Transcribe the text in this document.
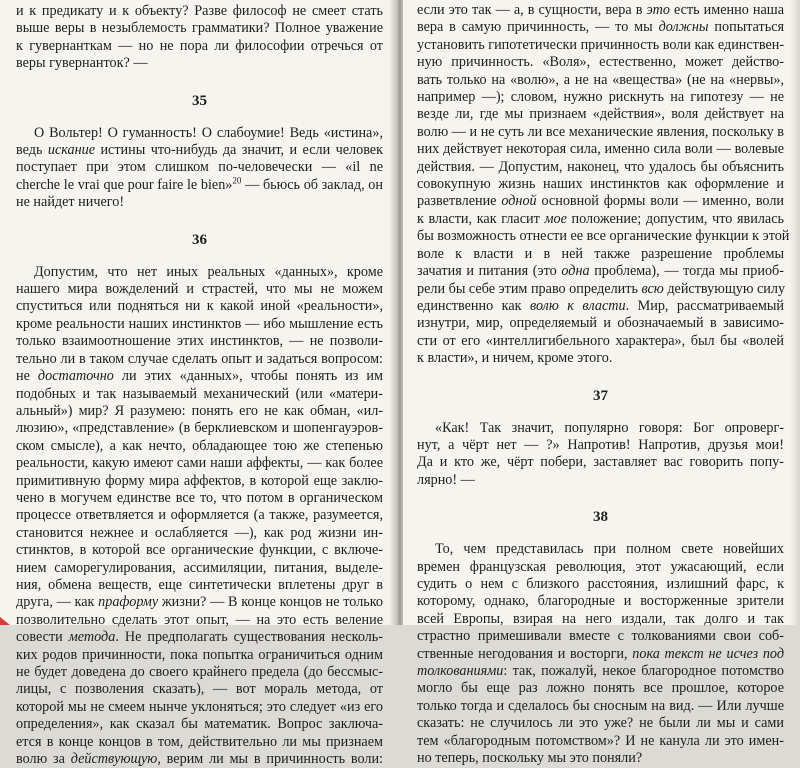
и к предикату и к объекту? Разве философ не смеет стать

выше веры в незыблемость грамматики? Полное уважение

к гувернанткам — но не пора ли философии отречься от

веры гувернанток? —

35

О Вольтер! О гуманность! О слабоумие! Ведь «истина»,

ведь искание истины что-нибудь да значит, и если человек

поступает при этом слишком по-человечески — «il ne

cherche le vrai que pour faire le bien»$^{20}$ — бьюсь об заклад, он

не найдет ничего!

36

Допустим, что нет иных реальных «данных», кроме

нашего мира вожделений и страстей, что мы не можем

спуститься или подняться ни к какой иной «реальности»,

кроме реальности наших инстинктов — ибо мышление есть

только взаимоотношение этих инстинктов, — не позволи-

тельно ли в таком случае сделать опыт и задаться вопросом:

не достаточно ли этих «данных», чтобы понять из им

подобных и так называемый механический (или «матери-

альный») мир? Я разумею: понять его не как обман, «ил-

люзию», «представление» (в берклиевском и шопенгауэров-

ском смысле), а как нечто, обладающее тою же степенью

реальности, какую имеют сами наши аффекты, — как более

примитивную форму мира аффектов, в которой еще заклю-

чено в могучем единстве все то, что потом в органическом

процессе ответвляется и оформляется (а также, разумеется,

становится нежнее и ослабляется —), как род жизни ин-

стинктов, в которой все органические функции, с включе-

нием саморегулирования, ассимиляции, питания, выделе-

ния, обмена веществ, еще синтетически вплетены друг в

друга, — как праформу жизни? — В конце концов не только

позволительно сделать этот опыт, — на это есть веление

совести метода. Не предполагать существования несколь-

ких родов причинности, пока попытка ограничиться одним

не будет доведена до своего крайнего предела (до бессмыс-

лицы, с позволения сказать), — вот мораль метода, от

которой мы не смеем нынче уклоняться; это следует «из его

определения», как сказал бы математик. Вопрос заключа-

ется в конце концов в том, действительно ли мы признаем

волю за действующую, верим ли мы в причинность воли:

если это так — а, в сущности, вера в это есть именно наша

вера в самую причинность, — то мы должны попытаться

установить гипотетически причинность воли как единствен-

ную причинность. «Воля», естественно, может действо-

вать только на «волю», а не на «вещества» (не на «нервы»,

например —); словом, нужно рискнуть на гипотезу — не

везде ли, где мы признаем «действия», воля действует на

волю — и не суть ли все механические явления, поскольку в

них действует некоторая сила, именно сила воли — волевые

действия. — Допустим, наконец, что удалось бы объяснить

совокупную жизнь наших инстинктов как оформление и

разветвление одной основной формы воли — именно, воли

к власти, как гласит мое положение; допустим, что явилась

бы возможность отнести ее все органические функции к этой

воле к власти и в ней также разрешение проблемы

зачатия и питания (это одна проблема), — тогда мы приоб-

рели бы себе этим право определить всю действующую силу

единственно как волю к власти. Мир, рассматриваемый

изнутри, мир, определяемый и обозначаемый в зависимо-

сти от его «интеллигибельного характера», был бы «волей

к власти», и ничем, кроме этого.

37

«Как! Так значит, популярно говоря: Бог опроверг-

нут, а чёрт нет — ?» Напротив! Напротив, друзья мои!

Да и кто же, чёрт побери, заставляет вас говорить попу-

лярно! —

38

То, чем представилась при полном свете новейших

времен французская революция, этот ужасающий, если

судить о нем с близкого расстояния, излишний фарс, к

которому, однако, благородные и восторженные зрители

всей Европы, взирая на него издали, так долго и так

страстно примешивали вместе с толкованиями свои соб-

ственные негодования и восторги, пока текст не исчез под

толкованиями: так, пожалуй, некое благородное потомство

могло бы еще раз ложно понять все прошлое, которое

только тогда и сделалось бы сносным на вид. — Или лучше

сказать: не случилось ли это уже? не были ли мы и сами

тем «благородным потомством»? И не канула ли это имен-

но теперь, поскольку мы это поняли?
